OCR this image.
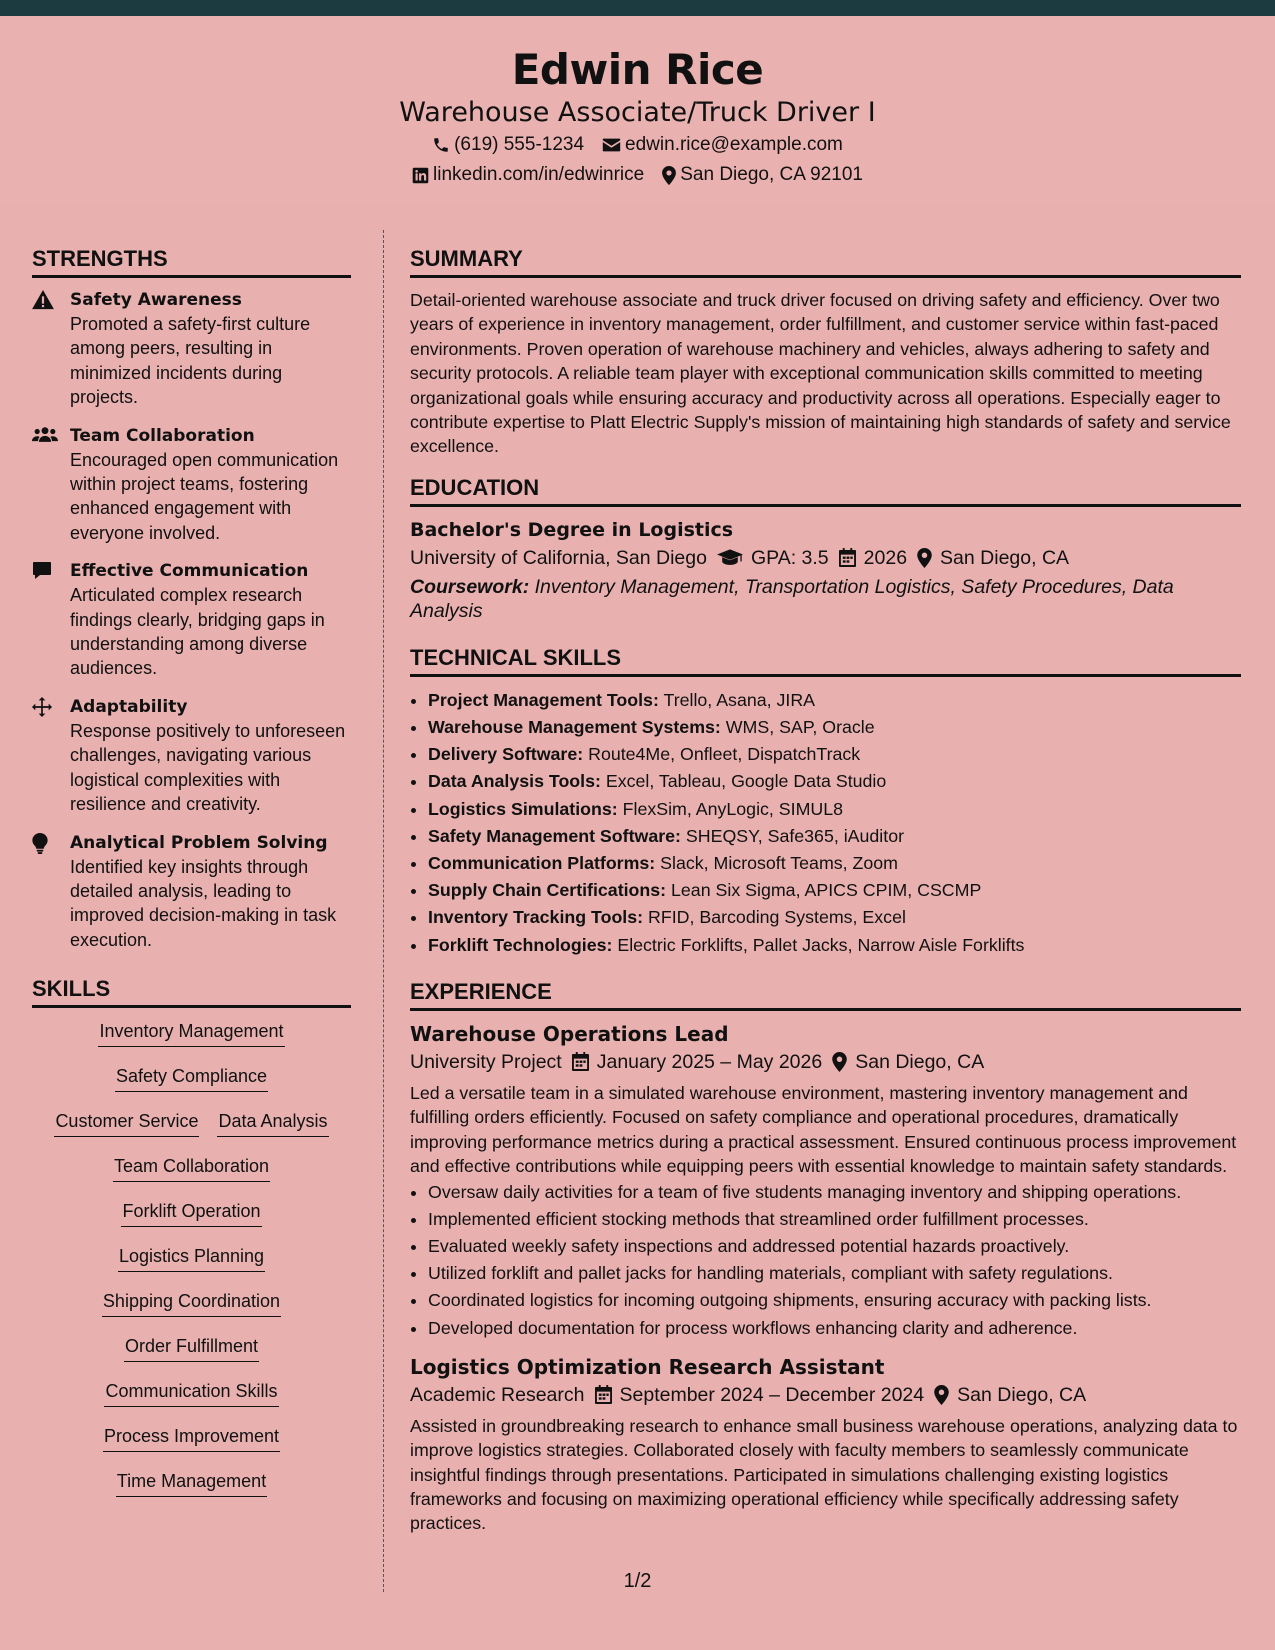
Edwin Rice
Warehouse Associate/Truck Driver I
(619) 555-1234 edwin.rice@example.com
linkedin.com/in/edwinrice San Diego, CA 92101
STRENGTHS
Safety Awareness
Promoted a safety-first culture among peers, resulting in minimized incidents during projects.
Team Collaboration
Encouraged open communication within project teams, fostering enhanced engagement with everyone involved.
Effective Communication
Articulated complex research findings clearly, bridging gaps in understanding among diverse audiences.
Adaptability
Response positively to unforeseen challenges, navigating various logistical complexities with resilience and creativity.
Analytical Problem Solving
Identified key insights through detailed analysis, leading to improved decision-making in task execution.
SKILLS
Inventory Management
Safety Compliance
Customer Service Data Analysis
Team Collaboration
Forklift Operation
Logistics Planning
Shipping Coordination
Order Fulfillment
Communication Skills
Process Improvement
Time Management
SUMMARY
Detail-oriented warehouse associate and truck driver focused on driving safety and efficiency. Over two years of experience in inventory management, order fulfillment, and customer service within fast-paced environments. Proven operation of warehouse machinery and vehicles, always adhering to safety and security protocols. A reliable team player with exceptional communication skills committed to meeting organizational goals while ensuring accuracy and productivity across all operations. Especially eager to contribute expertise to Platt Electric Supply's mission of maintaining high standards of safety and service excellence.
EDUCATION
Bachelor's Degree in Logistics
University of California, San Diego GPA: 3.5 2026 San Diego, CA
Coursework: Inventory Management, Transportation Logistics, Safety Procedures, Data Analysis
TECHNICAL SKILLS
• Project Management Tools: Trello, Asana, JIRA
• Warehouse Management Systems: WMS, SAP, Oracle
• Delivery Software: Route4Me, Onfleet, DispatchTrack
• Data Analysis Tools: Excel, Tableau, Google Data Studio
• Logistics Simulations: FlexSim, AnyLogic, SIMUL8
• Safety Management Software: SHEQSY, Safe365, iAuditor
• Communication Platforms: Slack, Microsoft Teams, Zoom
• Supply Chain Certifications: Lean Six Sigma, APICS CPIM, CSCMP
• Inventory Tracking Tools: RFID, Barcoding Systems, Excel
• Forklift Technologies: Electric Forklifts, Pallet Jacks, Narrow Aisle Forklifts
EXPERIENCE
Warehouse Operations Lead
University Project January 2025 – May 2026 San Diego, CA
Led a versatile team in a simulated warehouse environment, mastering inventory management and fulfilling orders efficiently. Focused on safety compliance and operational procedures, dramatically improving performance metrics during a practical assessment. Ensured continuous process improvement and effective contributions while equipping peers with essential knowledge to maintain safety standards.
• Oversaw daily activities for a team of five students managing inventory and shipping operations.
• Implemented efficient stocking methods that streamlined order fulfillment processes.
• Evaluated weekly safety inspections and addressed potential hazards proactively.
• Utilized forklift and pallet jacks for handling materials, compliant with safety regulations.
• Coordinated logistics for incoming outgoing shipments, ensuring accuracy with packing lists.
• Developed documentation for process workflows enhancing clarity and adherence.
Logistics Optimization Research Assistant
Academic Research September 2024 – December 2024 San Diego, CA
Assisted in groundbreaking research to enhance small business warehouse operations, analyzing data to improve logistics strategies. Collaborated closely with faculty members to seamlessly communicate insightful findings through presentations. Participated in simulations challenging existing logistics frameworks and focusing on maximizing operational efficiency while specifically addressing safety practices.
1/2
